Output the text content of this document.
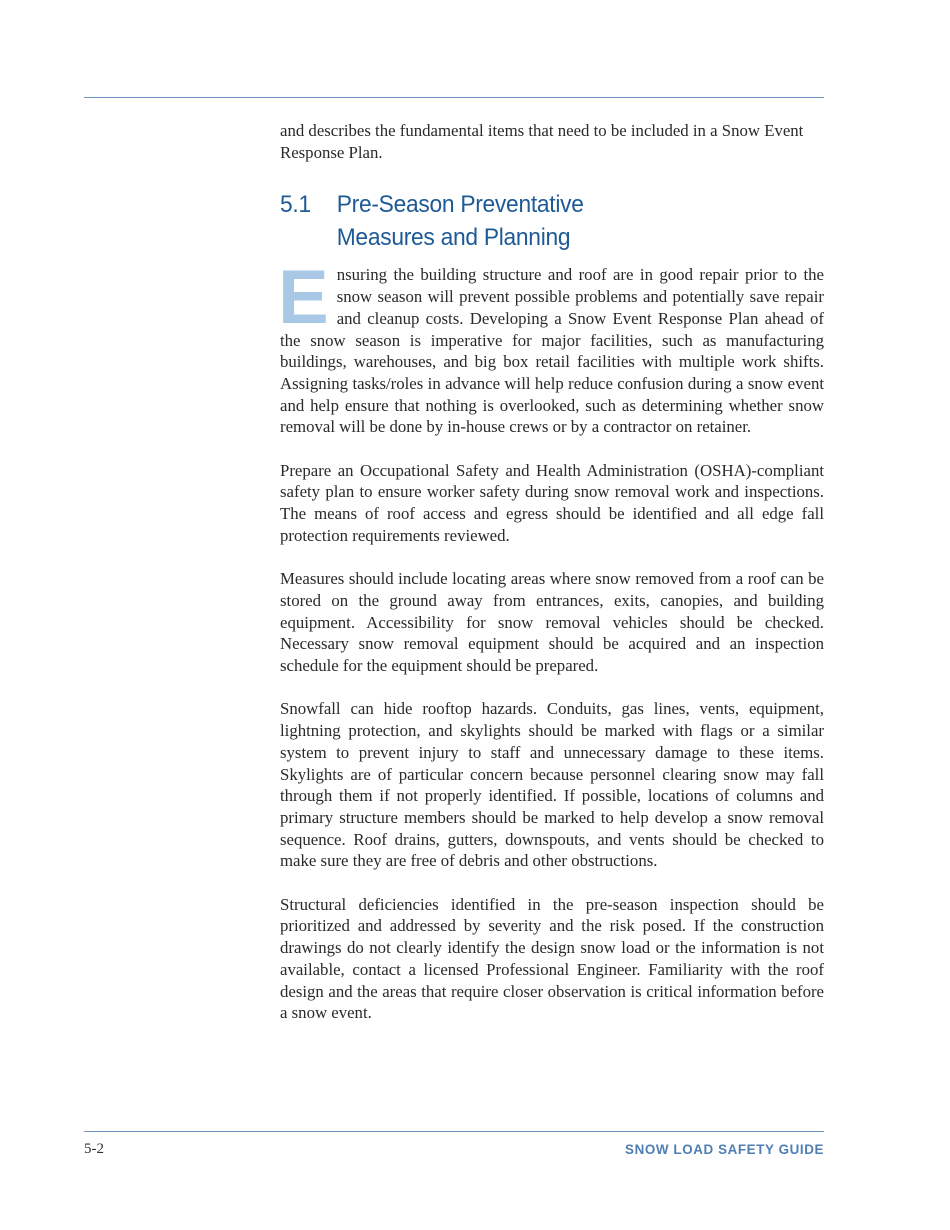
and describes the fundamental items that need to be included in a Snow Event Response Plan.

5.1	Pre-Season Preventative Measures and Planning

Ensuring the building structure and roof are in good repair prior to the snow season will prevent possible problems and potentially save repair and cleanup costs. Developing a Snow Event Response Plan ahead of the snow season is imperative for major facilities, such as manufacturing buildings, warehouses, and big box retail facilities with multiple work shifts. Assigning tasks/roles in advance will help reduce confusion during a snow event and help ensure that nothing is overlooked, such as determining whether snow removal will be done by in-house crews or by a contractor on retainer.

Prepare an Occupational Safety and Health Administration (OSHA)-compliant safety plan to ensure worker safety during snow removal work and inspections. The means of roof access and egress should be identified and all edge fall protection requirements reviewed.

Measures should include locating areas where snow removed from a roof can be stored on the ground away from entrances, exits, canopies, and building equipment. Accessibility for snow removal vehicles should be checked. Necessary snow removal equipment should be acquired and an inspection schedule for the equipment should be prepared.

Snowfall can hide rooftop hazards. Conduits, gas lines, vents, equipment, lightning protection, and skylights should be marked with flags or a similar system to prevent injury to staff and unnecessary damage to these items. Skylights are of particular concern because personnel clearing snow may fall through them if not properly identified. If possible, locations of columns and primary structure members should be marked to help develop a snow removal sequence. Roof drains, gutters, downspouts, and vents should be checked to make sure they are free of debris and other obstructions.

Structural deficiencies identified in the pre-season inspection should be prioritized and addressed by severity and the risk posed. If the construction drawings do not clearly identify the design snow load or the information is not available, contact a licensed Professional Engineer. Familiarity with the roof design and the areas that require closer observation is critical information before a snow event.

5-2	SNOW LOAD SAFETY GUIDE
